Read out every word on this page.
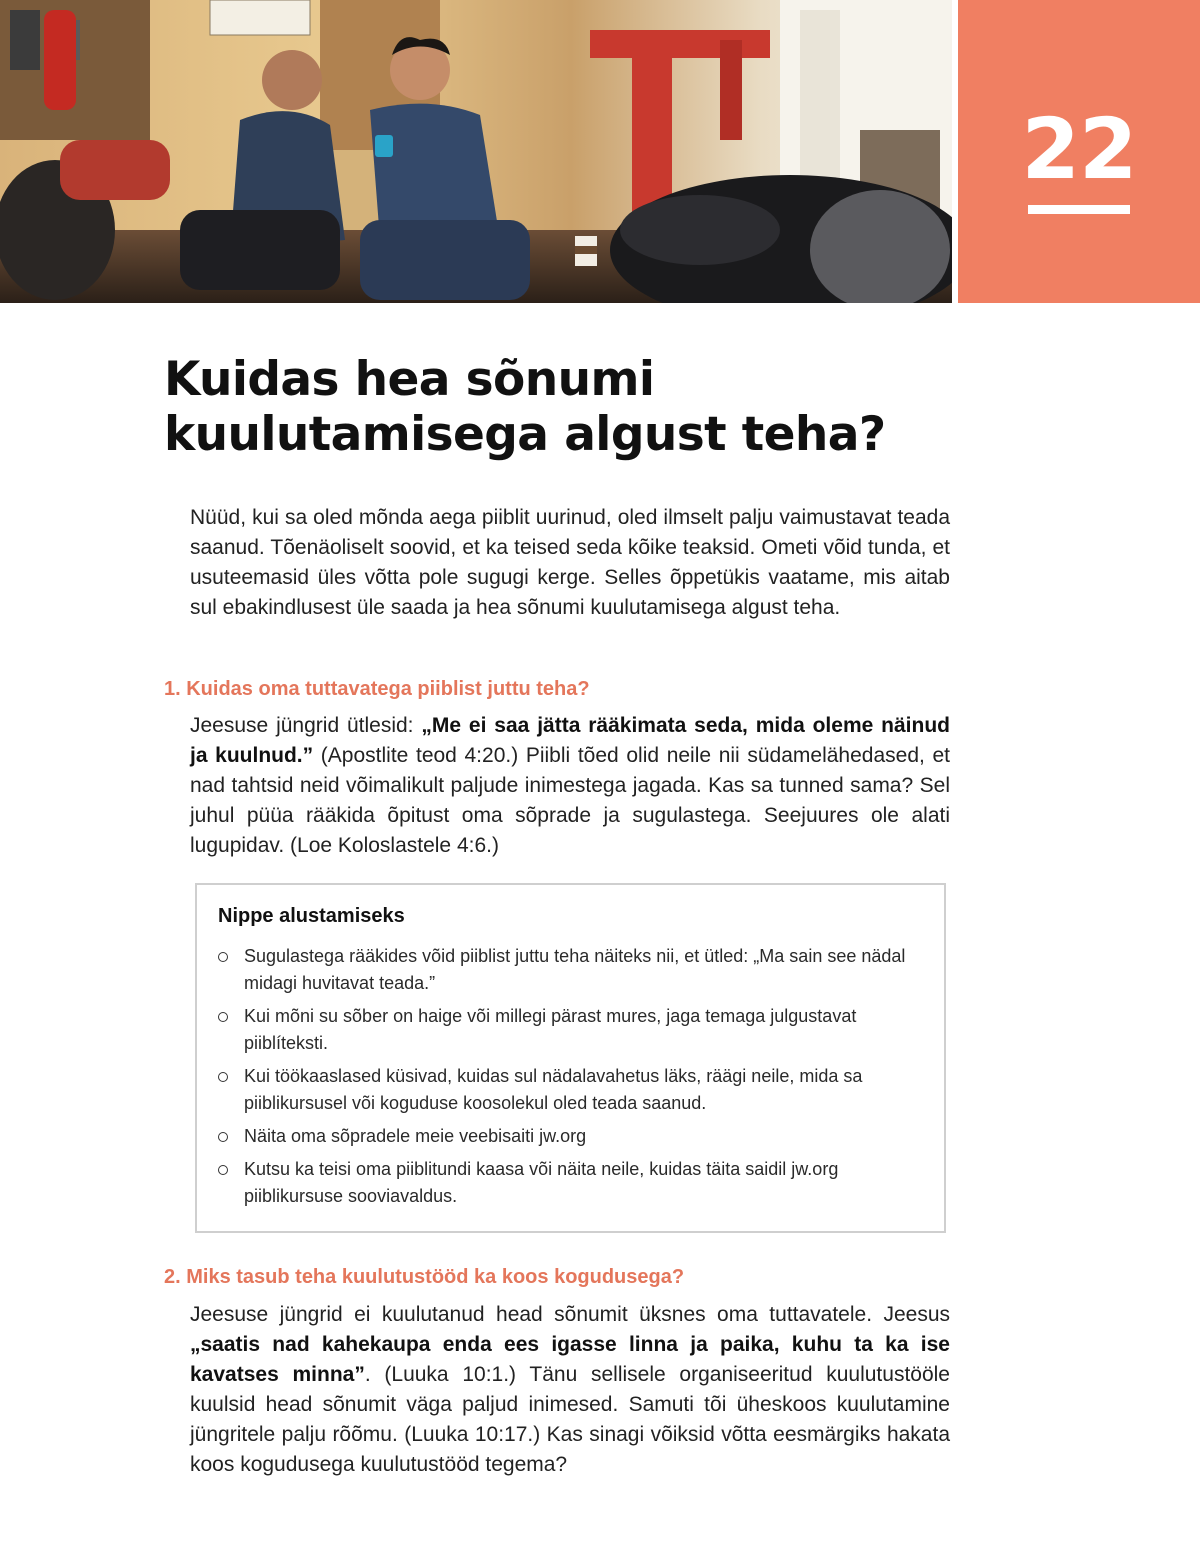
22
Kuidas hea sõnumi
kuulutamisega algust teha?

Nüüd, kui sa oled mõnda aega piiblit uurinud, oled ilmselt palju vaimustavat teada saanud. Tõenäoliselt soovid, et ka teised seda kõike teaksid. Ometi võid tunda, et usuteemasid üles võtta pole sugugi kerge. Selles õppetükis vaatame, mis aitab sul ebakindlusest üle saada ja hea sõnumi kuulutamisega algust teha.

1. Kuidas oma tuttavatega piiblist juttu teha?

Jeesuse jüngrid ütlesid: „Me ei saa jätta rääkimata seda, mida oleme näinud ja kuulnud.” (Apostlite teod 4:20.) Piibli tõed olid neile nii südamelähedased, et nad tahtsid neid võimalikult paljude inimestega jagada. Kas sa tunned sama? Sel juhul püüa rääkida õpitust oma sõprade ja sugulastega. Seejuures ole alati lugupidav. (Loe Koloslastele 4:6.)

Nippe alustamiseks
Sugulastega rääkides võid piiblist juttu teha näiteks nii, et ütled: „Ma sain see nädal midagi huvitavat teada.”
Kui mõni su sõber on haige või millegi pärast mures, jaga temaga julgustavat piiblíteksti.
Kui töökaaslased küsivad, kuidas sul nädalavahetus läks, räägi neile, mida sa piiblikursusel või koguduse koosolekul oled teada saanud.
Näita oma sõpradele meie veebisaiti jw.org
Kutsu ka teisi oma piiblitundi kaasa või näita neile, kuidas täita saidil jw.org piiblikursuse sooviavaldus.
2. Miks tasub teha kuulutustööd ka koos kogudusega?

Jeesuse jüngrid ei kuulutanud head sõnumit üksnes oma tuttavatele. Jeesus „saatis nad kahekaupa enda ees igasse linna ja paika, kuhu ta ka ise kavatses minna”. (Luuka 10:1.) Tänu sellisele organiseeritud kuulutustööle kuulsid head sõnumit väga paljud inimesed. Samuti tõi üheskoos kuulutamine jüngritele palju rõõmu. (Luuka 10:17.) Kas sinagi võiksid võtta eesmärgiks hakata koos kogudusega kuulutustööd tegema?
